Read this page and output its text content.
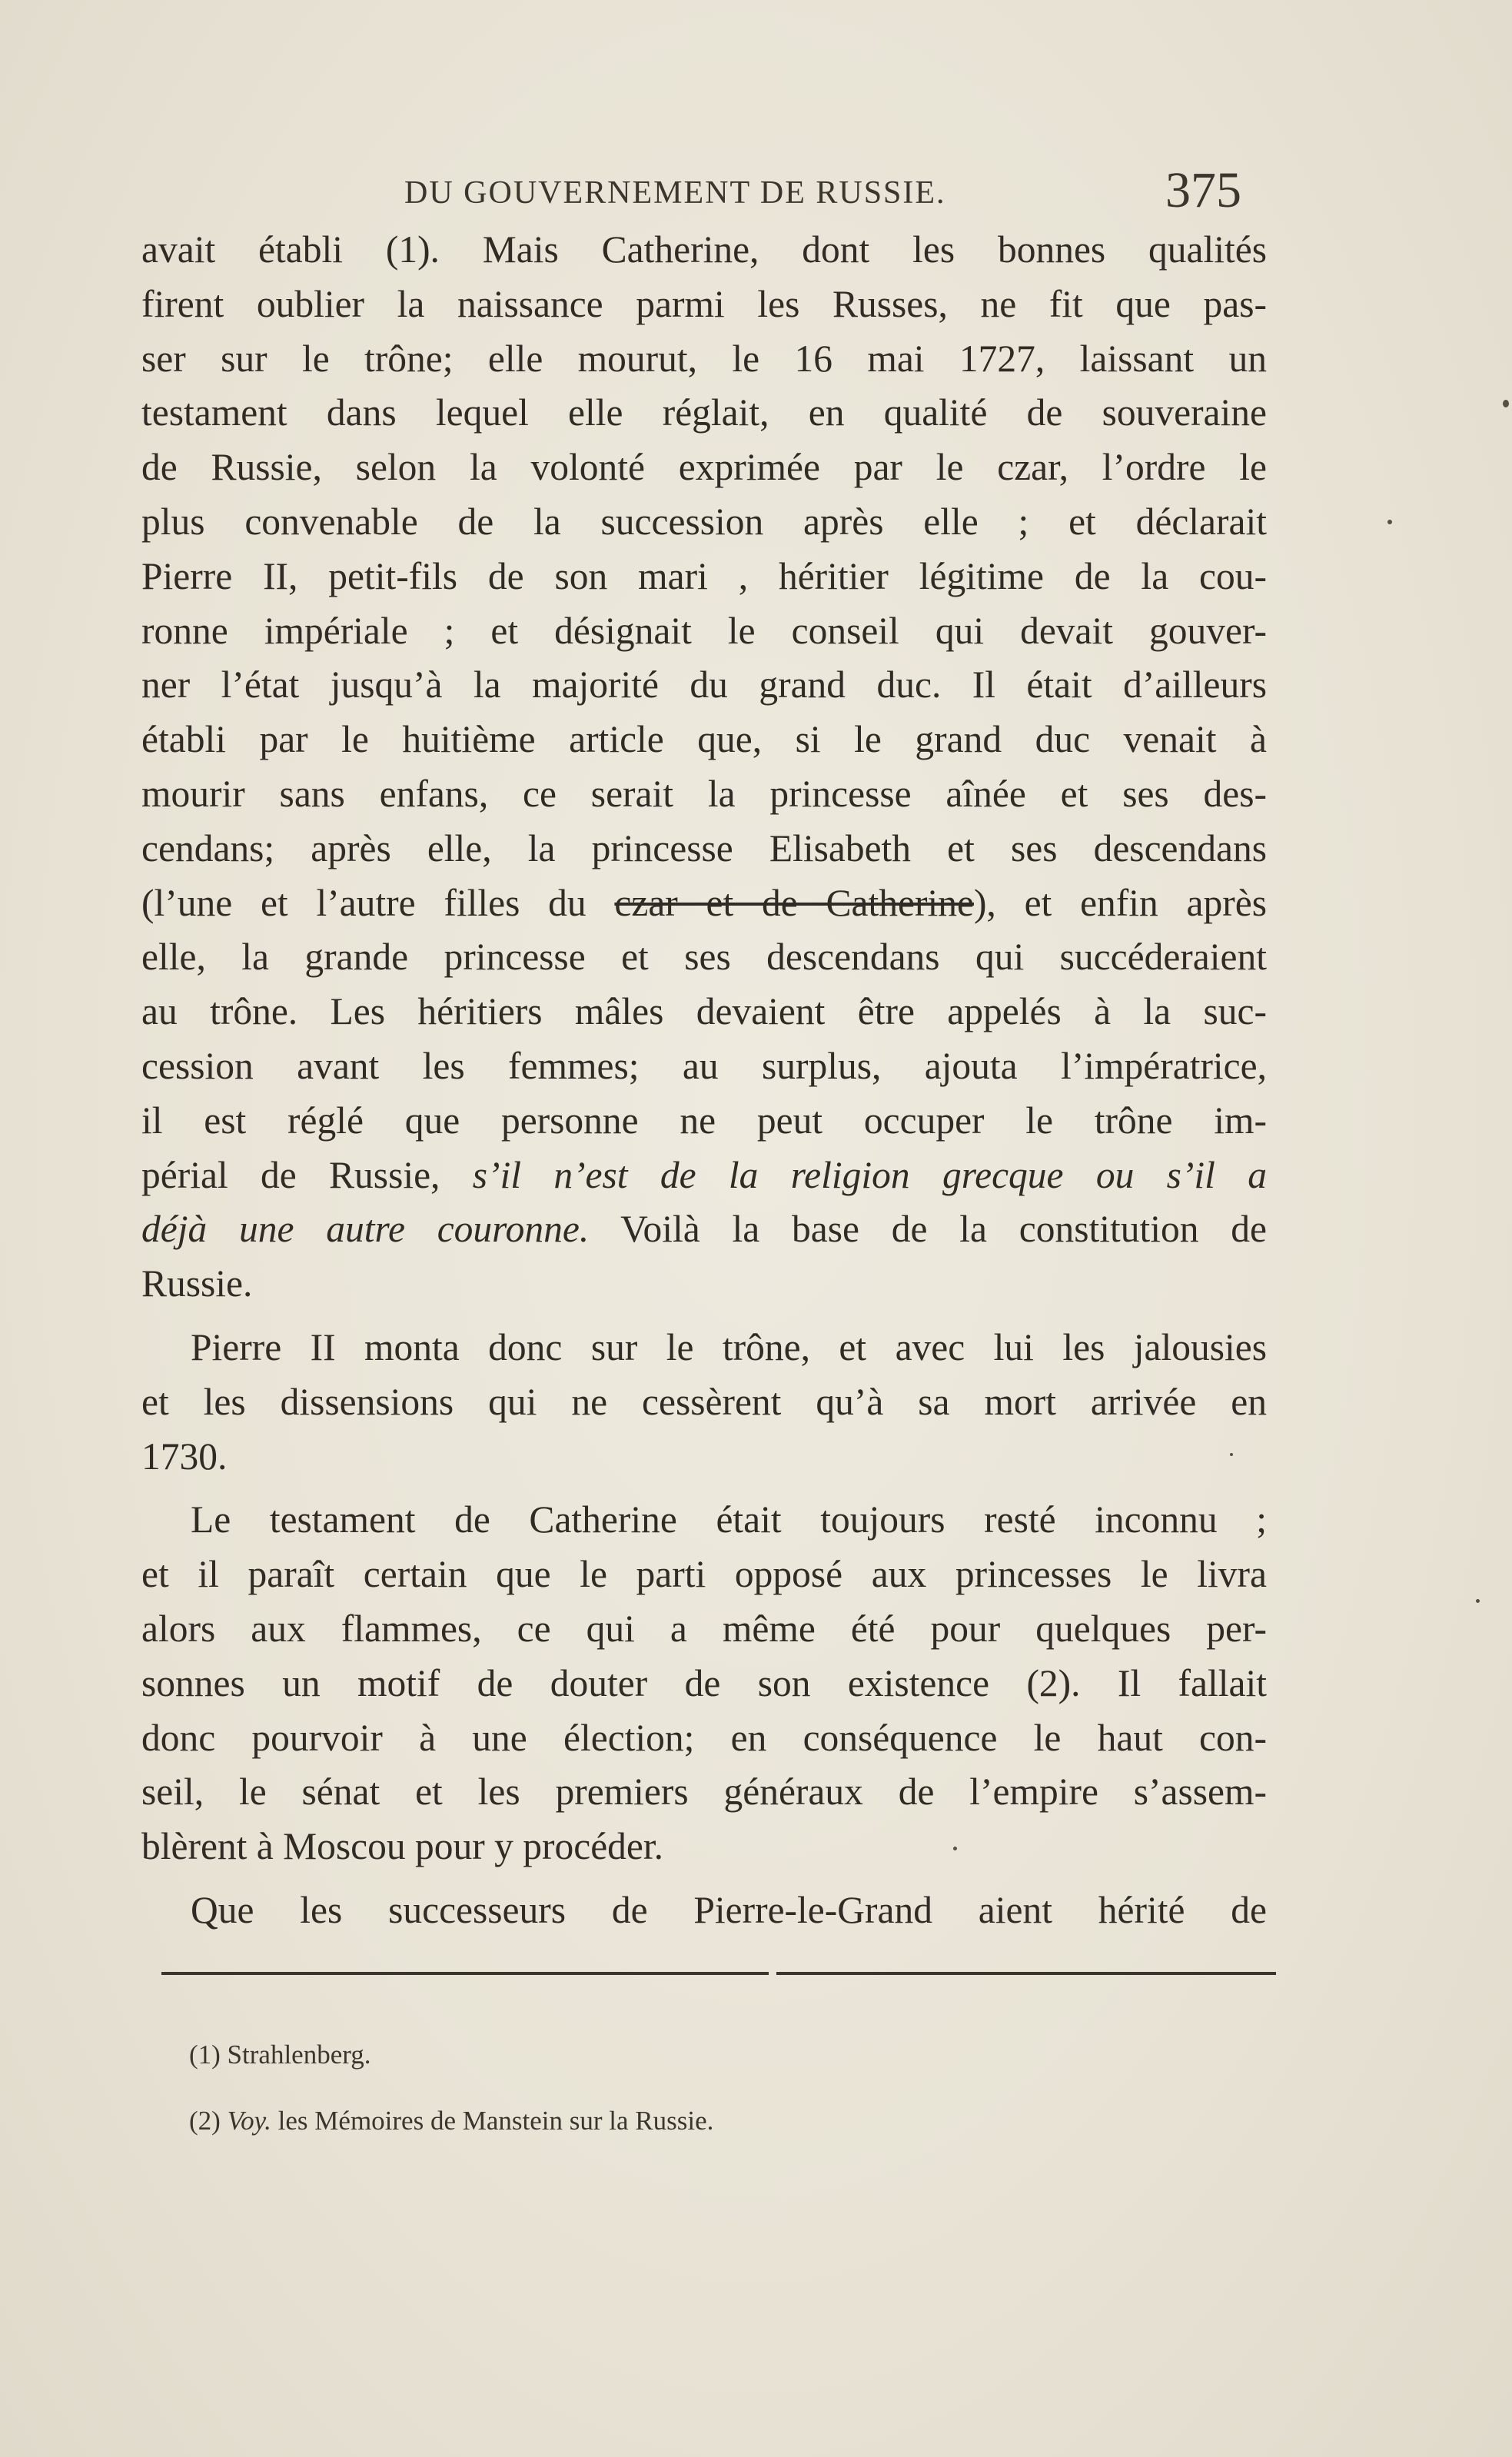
DU GOUVERNEMENT DE RUSSIE.	375

avait établi (1). Mais Catherine, dont les bonnes qualités
firent oublier la naissance parmi les Russes, ne fit que pas-
ser sur le trône; elle mourut, le 16 mai 1727, laissant un
testament dans lequel elle réglait, en qualité de souveraine
de Russie, selon la volonté exprimée par le czar, l’ordre le
plus convenable de la succession après elle ; et déclarait
Pierre II, petit-fils de son mari , héritier légitime de la cou-
ronne impériale ; et désignait le conseil qui devait gouver-
ner l’état jusqu’à la majorité du grand duc. Il était d’ailleurs
établi par le huitième article que, si le grand duc venait à
mourir sans enfans, ce serait la princesse aînée et ses des-
cendans; après elle, la princesse Elisabeth et ses descendans
(l’une et l’autre filles du czar et de Catherine), et enfin après
elle, la grande princesse et ses descendans qui succéderaient
au trône. Les héritiers mâles devaient être appelés à la suc-
cession avant les femmes; au surplus, ajouta l’impératrice,
il est réglé que personne ne peut occuper le trône im-
périal de Russie, s’il n’est de la religion grecque ou s’il a
déjà une autre couronne. Voilà la base de la constitution de
Russie.

Pierre II monta donc sur le trône, et avec lui les jalousies
et les dissensions qui ne cessèrent qu’à sa mort arrivée en
1730.

Le testament de Catherine était toujours resté inconnu ;
et il paraît certain que le parti opposé aux princesses le livra
alors aux flammes, ce qui a même été pour quelques per-
sonnes un motif de douter de son existence (2). Il fallait
donc pourvoir à une élection; en conséquence le haut con-
seil, le sénat et les premiers généraux de l’empire s’assem-
blèrent à Moscou pour y procéder.

Que les successeurs de Pierre-le-Grand aient hérité de

(1) Strahlenberg.
(2) Voy. les Mémoires de Manstein sur la Russie.
